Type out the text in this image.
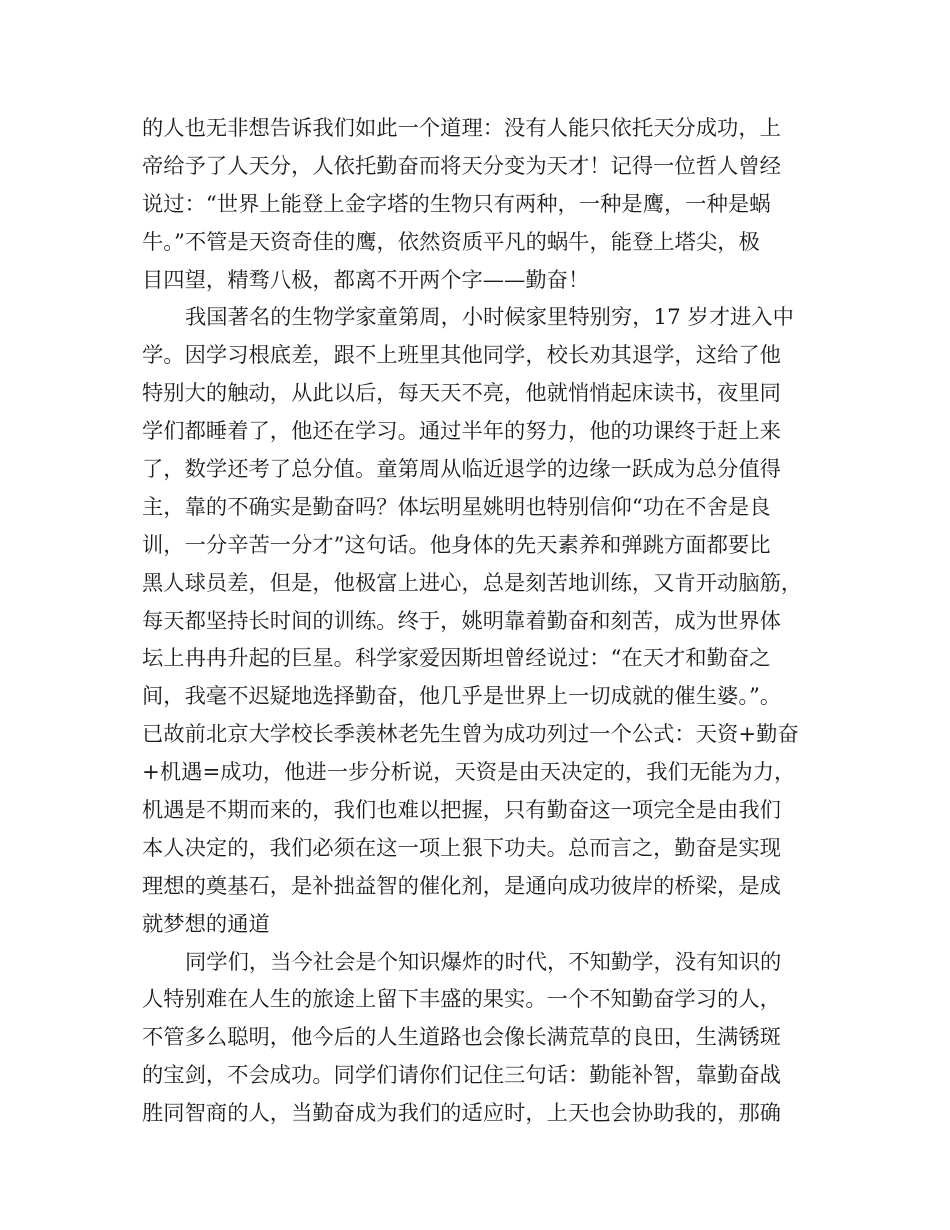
的人也无非想告诉我们如此一个道理：没有人能只依托天分成功，上
帝给予了人天分，人依托勤奋而将天分变为天才！记得一位哲人曾经
说过：“世界上能登上金字塔的生物只有两种，一种是鹰，一种是蜗
牛。”不管是天资奇佳的鹰，依然资质平凡的蜗牛，能登上塔尖，极
目四望，精骛八极，都离不开两个字——勤奋！
我国著名的生物学家童第周，小时候家里特别穷，17 岁才进入中
学。因学习根底差，跟不上班里其他同学，校长劝其退学，这给了他
特别大的触动，从此以后，每天天不亮，他就悄悄起床读书，夜里同
学们都睡着了，他还在学习。通过半年的努力，他的功课终于赶上来
了，数学还考了总分值。童第周从临近退学的边缘一跃成为总分值得
主，靠的不确实是勤奋吗？体坛明星姚明也特别信仰“功在不舍是良
训，一分辛苦一分才”这句话。他身体的先天素养和弹跳方面都要比
黑人球员差，但是，他极富上进心，总是刻苦地训练，又肯开动脑筋，
每天都坚持长时间的训练。终于，姚明靠着勤奋和刻苦，成为世界体
坛上冉冉升起的巨星。科学家爱因斯坦曾经说过：“在天才和勤奋之
间，我毫不迟疑地选择勤奋，他几乎是世界上一切成就的催生婆。”。
已故前北京大学校长季羡林老先生曾为成功列过一个公式：天资+勤奋
+机遇=成功，他进一步分析说，天资是由天决定的，我们无能为力，
机遇是不期而来的，我们也难以把握，只有勤奋这一项完全是由我们
本人决定的，我们必须在这一项上狠下功夫。总而言之，勤奋是实现
理想的奠基石，是补拙益智的催化剂，是通向成功彼岸的桥梁，是成
就梦想的通道
同学们，当今社会是个知识爆炸的时代，不知勤学，没有知识的
人特别难在人生的旅途上留下丰盛的果实。一个不知勤奋学习的人，
不管多么聪明，他今后的人生道路也会像长满荒草的良田，生满锈斑
的宝剑，不会成功。同学们请你们记住三句话：勤能补智，靠勤奋战
胜同智商的人，当勤奋成为我们的适应时，上天也会协助我的，那确
